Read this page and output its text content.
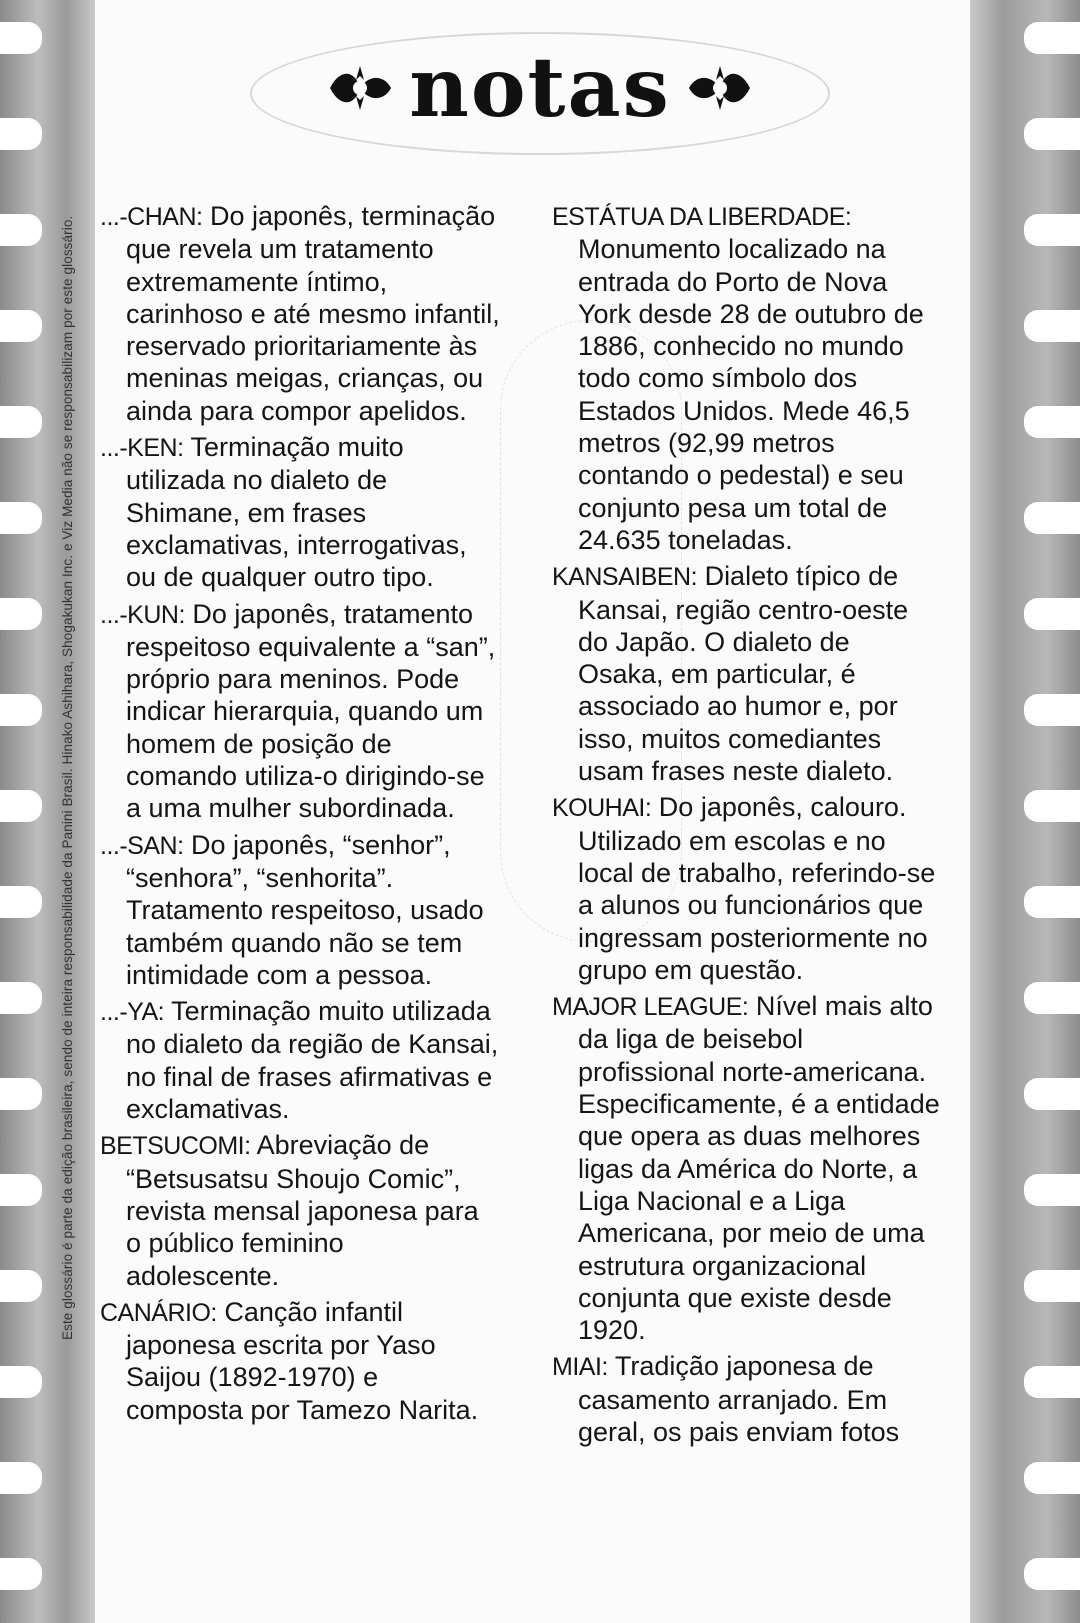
Este glossário é parte da edição brasileira, sendo de inteira responsabilidade da Panini Brasil. Hinako Ashihara, Shogakukan Inc. e Viz Media não se responsabilizam por este glossário.
notas
...-CHAN: Do japonês, terminação que revela um tratamento extremamente íntimo, carinhoso e até mesmo infantil, reservado prioritariamente às meninas meigas, crianças, ou ainda para compor apelidos.
...-KEN: Terminação muito utilizada no dialeto de Shimane, em frases exclamativas, interrogativas, ou de qualquer outro tipo.
...-KUN: Do japonês, tratamento respeitoso equivalente a “san”, próprio para meninos. Pode indicar hierarquia, quando um homem de posição de comando utiliza-o dirigindo-se a uma mulher subordinada.
...-SAN: Do japonês, “senhor”, “senhora”, “senhorita”. Tratamento respeitoso, usado também quando não se tem intimidade com a pessoa.
...-YA: Terminação muito utilizada no dialeto da região de Kansai, no final de frases afirmativas e exclamativas.
BETSUCOMI: Abreviação de “Betsusatsu Shoujo Comic”, revista mensal japonesa para o público feminino adolescente.
CANÁRIO: Canção infantil japonesa escrita por Yaso Saijou (1892-1970) e composta por Tamezo Narita.
ESTÁTUA DA LIBERDADE: Monumento localizado na entrada do Porto de Nova York desde 28 de outubro de 1886, conhecido no mundo todo como símbolo dos Estados Unidos. Mede 46,5 metros (92,99 metros contando o pedestal) e seu conjunto pesa um total de 24.635 toneladas.
KANSAIBEN: Dialeto típico de Kansai, região centro-oeste do Japão. O dialeto de Osaka, em particular, é associado ao humor e, por isso, muitos comediantes usam frases neste dialeto.
KOUHAI: Do japonês, calouro. Utilizado em escolas e no local de trabalho, referindo-se a alunos ou funcionários que ingressam posteriormente no grupo em questão.
MAJOR LEAGUE: Nível mais alto da liga de beisebol profissional norte-americana. Especificamente, é a entidade que opera as duas melhores ligas da América do Norte, a Liga Nacional e a Liga Americana, por meio de uma estrutura organizacional conjunta que existe desde 1920.
MIAI: Tradição japonesa de casamento arranjado. Em geral, os pais enviam fotos
